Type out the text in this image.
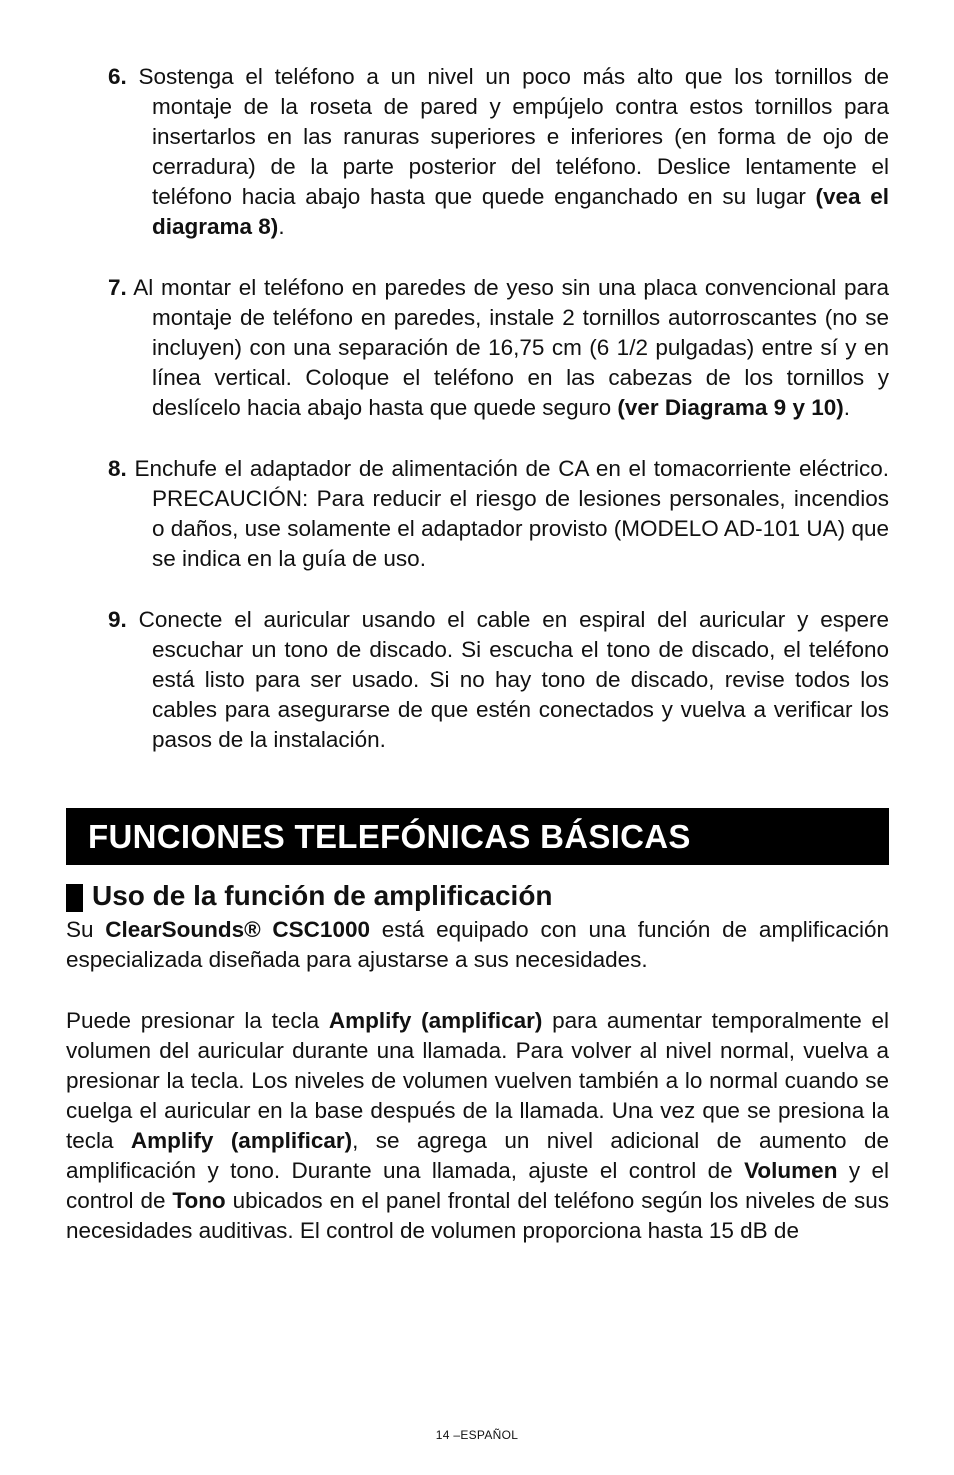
6. Sostenga el teléfono a un nivel un poco más alto que los tornillos de montaje de la roseta de pared y empújelo contra estos tornillos para insertarlos en las ranuras superiores e inferiores (en forma de ojo de cerradura) de la parte posterior del teléfono. Deslice lentamente el teléfono hacia abajo hasta que quede enganchado en su lugar (vea el diagrama 8).

7. Al montar el teléfono en paredes de yeso sin una placa convencional para montaje de teléfono en paredes, instale 2 tornillos autorroscantes (no se incluyen) con una separación de 16,75 cm (6 1/2 pulgadas) entre sí y en línea vertical. Coloque el teléfono en las cabezas de los tornillos y deslícelo hacia abajo hasta que quede seguro (ver Diagrama 9 y 10).

8. Enchufe el adaptador de alimentación de CA en el tomacorriente eléctrico. PRECAUCIÓN: Para reducir el riesgo de lesiones personales, incendios o daños, use solamente el adaptador provisto (MODELO AD-101 UA) que se indica en la guía de uso.

9. Conecte el auricular usando el cable en espiral del auricular y espere escuchar un tono de discado. Si escucha el tono de discado, el teléfono está listo para ser usado. Si no hay tono de discado, revise todos los cables para asegurarse de que estén conectados y vuelva a verificar los pasos de la instalación.

FUNCIONES TELEFÓNICAS BÁSICAS
Uso de la función de amplificación

Su ClearSounds® CSC1000 está equipado con una función de amplificación especializada diseñada para ajustarse a sus necesidades.

Puede presionar la tecla Amplify (amplificar) para aumentar temporalmente el volumen del auricular durante una llamada. Para volver al nivel normal, vuelva a presionar la tecla. Los niveles de volumen vuelven también a lo normal cuando se cuelga el auricular en la base después de la llamada. Una vez que se presiona la tecla Amplify (amplificar), se agrega un nivel adicional de aumento de amplificación y tono. Durante una llamada, ajuste el control de Volumen y el control de Tono ubicados en el panel frontal del teléfono según los niveles de sus necesidades auditivas. El control de volumen proporciona hasta 15 dB de

14 –ESPAÑOL
